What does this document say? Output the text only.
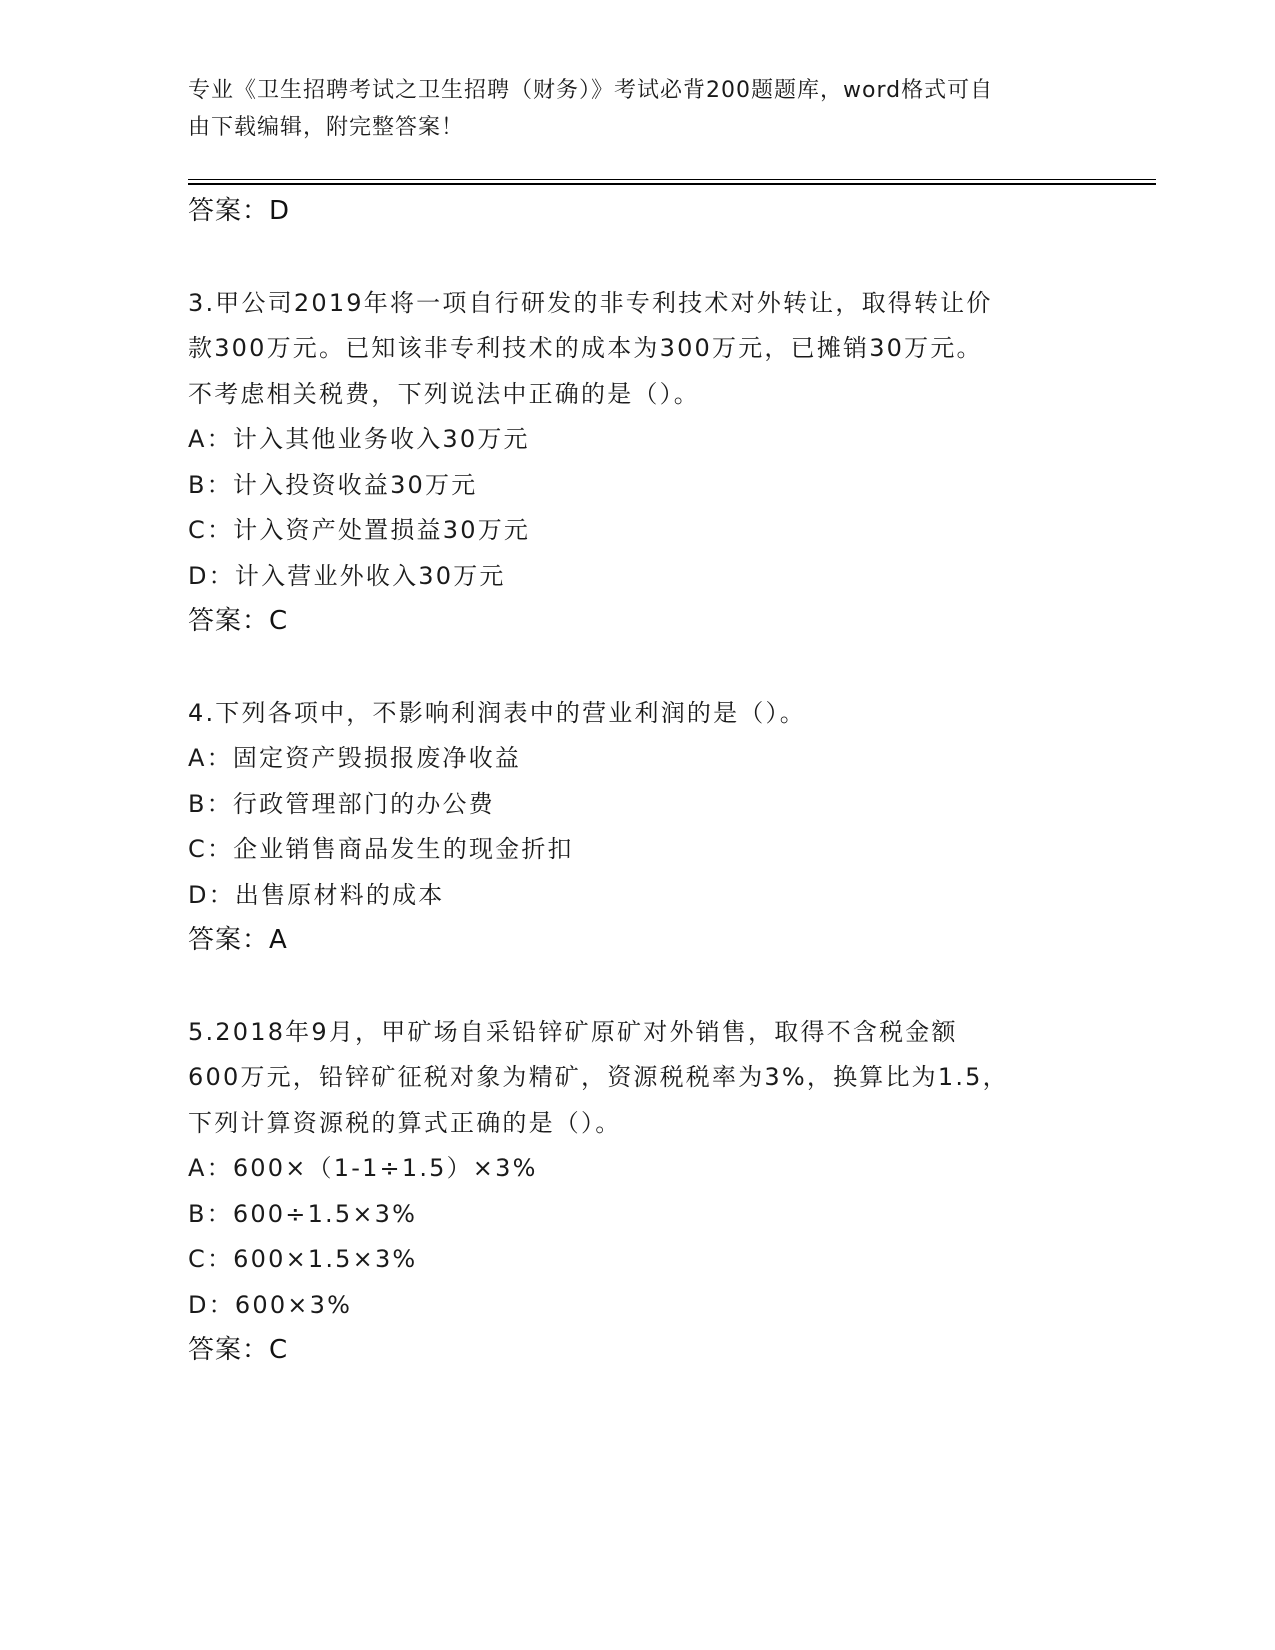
专业《卫生招聘考试之卫生招聘（财务）》考试必背200题题库，word格式可自
由下载编辑，附完整答案！
答案：D
3.甲公司2019年将一项自行研发的非专利技术对外转让，取得转让价
款300万元。已知该非专利技术的成本为300万元，已摊销30万元。
不考虑相关税费，下列说法中正确的是（）。
A：计入其他业务收入30万元
B：计入投资收益30万元
C：计入资产处置损益30万元
D：计入营业外收入30万元
答案：C
4.下列各项中，不影响利润表中的营业利润的是（）。
A：固定资产毁损报废净收益
B：行政管理部门的办公费
C：企业销售商品发生的现金折扣
D：出售原材料的成本
答案：A
5.2018年9月，甲矿场自采铅锌矿原矿对外销售，取得不含税金额
600万元，铅锌矿征税对象为精矿，资源税税率为3%，换算比为1.5，
下列计算资源税的算式正确的是（）。
A：600×（1-1÷1.5）×3%
B：600÷1.5×3%
C：600×1.5×3%
D：600×3%
答案：C
